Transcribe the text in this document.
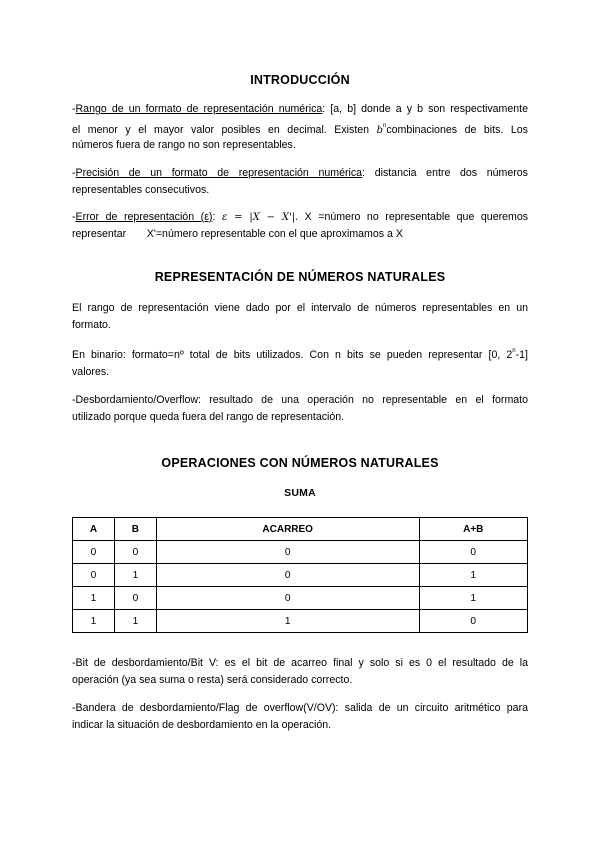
INTRODUCCIÓN
-Rango de un formato de representación numérica: [a, b] donde a y b son respectivamente
el menor y el mayor valor posibles en decimal. Existen $b^ncombinaciones$ de bits. Los
números fuera de rango no son representables.
-Precisión de un formato de representación numérica: distancia entre dos números
representables consecutivos.
-Error de representación (ε): ε = |X − X'|. X =número no representable que queremos
representar       X'=número representable con el que aproximamos a X
REPRESENTACIÓN DE NÚMEROS NATURALES
El rango de representación viene dado por el intervalo de números representables en un
formato.
En binario: formato=nº total de bits utilizados. Con n bits se pueden representar [0, 2$^n$-1]
valores.
-Desbordamiento/Overflow: resultado de una operación no representable en el formato
utilizado porque queda fuera del rango de representación.
OPERACIONES CON NÚMEROS NATURALES
SUMA
A	B	ACARREO	A+B
0	0	0	0
0	1	0	1
1	0	0	1
1	1	1	0
-Bit de desbordamiento/Bit V: es el bit de acarreo final y solo si es 0 el resultado de la
operación (ya sea suma o resta) será considerado correcto.
-Bandera de desbordamiento/Flag de overflow(V/OV): salida de un circuito aritmético para
indicar la situación de desbordamiento en la operación.
